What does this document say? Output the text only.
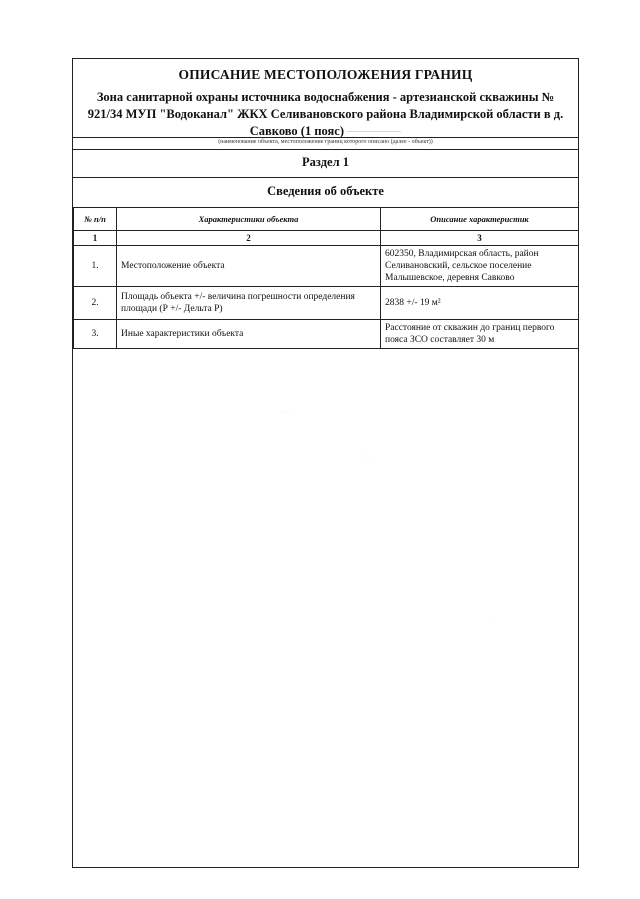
ОПИСАНИЕ МЕСТОПОЛОЖЕНИЯ ГРАНИЦ
Зона санитарной охраны источника водоснабжения - артезианской скважины № 921/34 МУП "Водоканал" ЖКХ Селивановского района Владимирской области в д. Савково (1 пояс) ~~~~~~~~~~~~~~~~~~
(наименование объекта, местоположение границ которого описано (далее - объект))
Раздел 1
Сведения об объекте
№ п/п	Характеристики объекта	Описание характеристик
1	2	3
1.	Местоположение объекта	602350, Владимирская область, район Селивановский, сельское поселение Малышевское, деревня Савково
2.	Площадь объекта +/- величина погрешности определения площади (Р +/- Дельта Р)	2838 +/- 19 м²
3.	Иные характеристики объекта	Расстояние от скважин до границ первого пояса ЗСО составляет 30 м
· · ˙ ·
˙ · ·
·
